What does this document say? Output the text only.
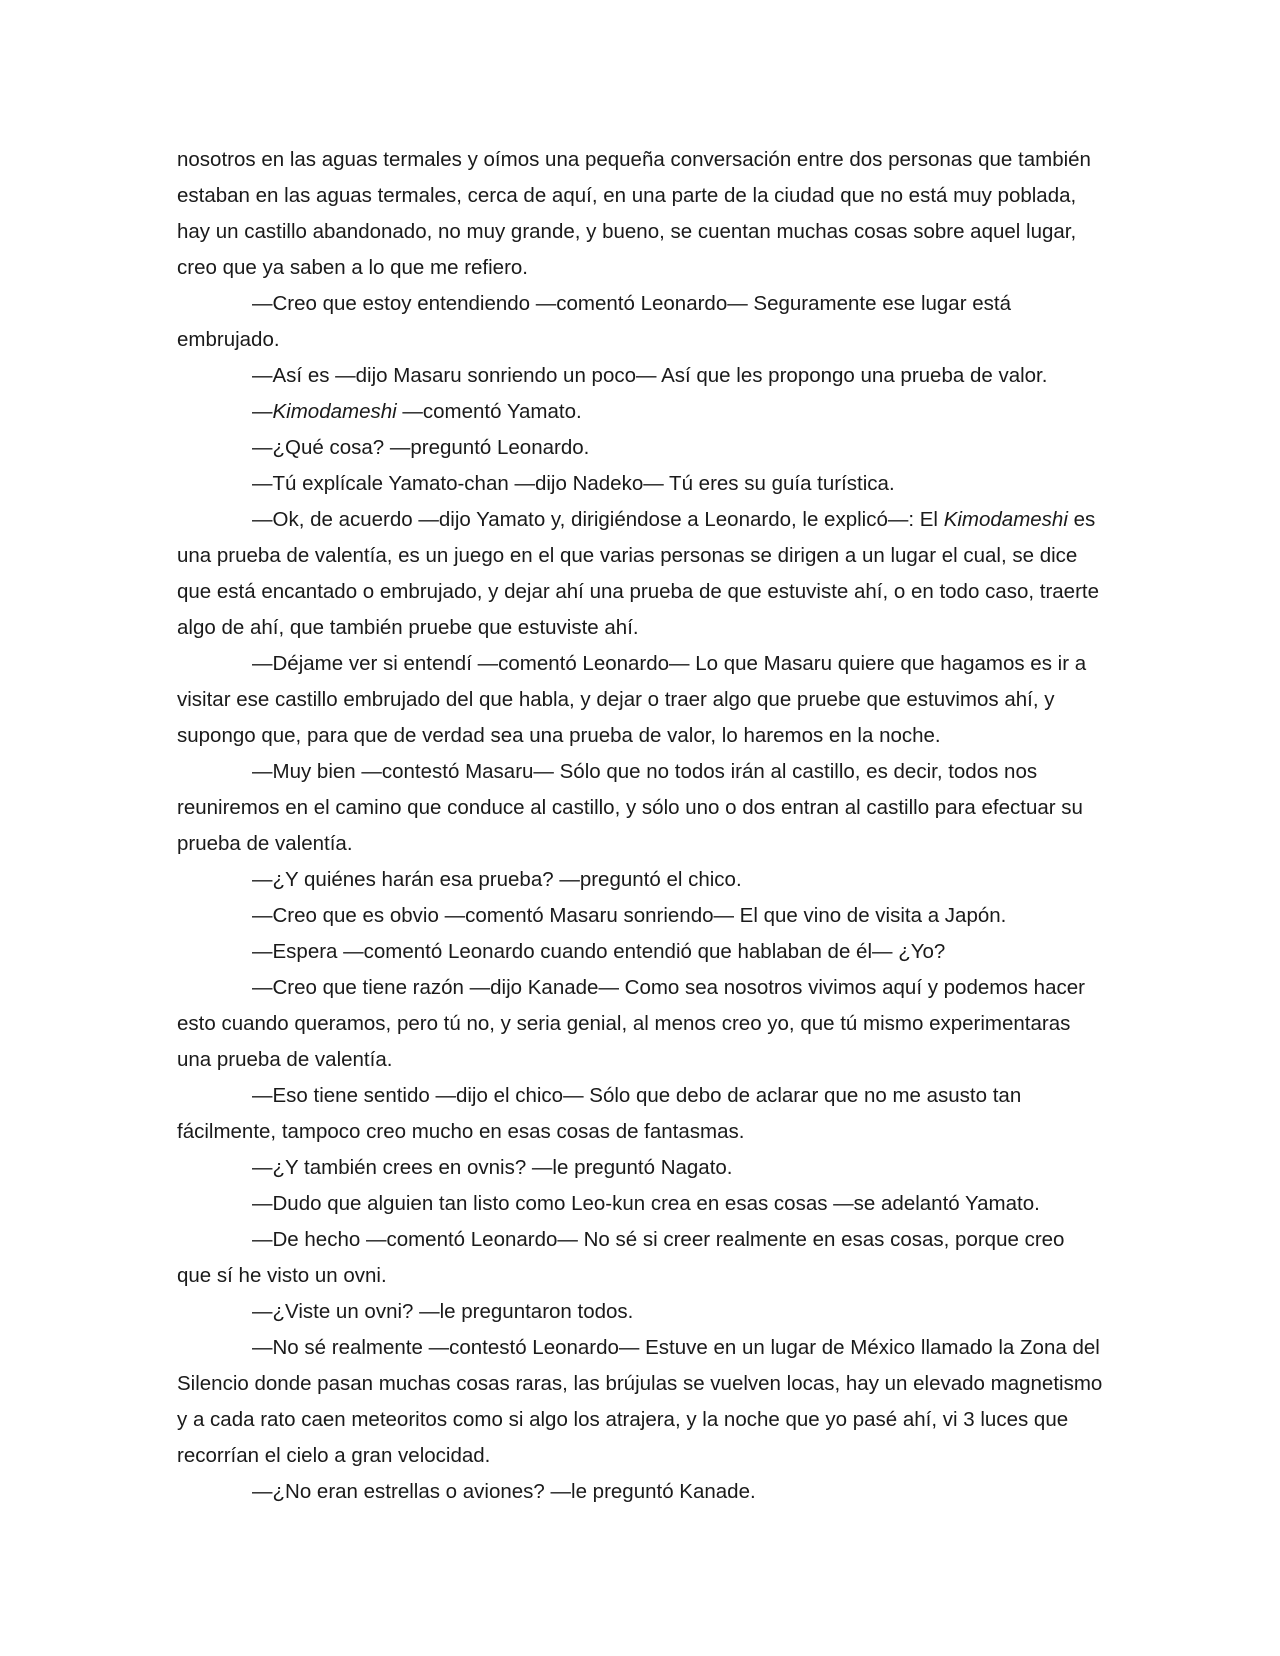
nosotros en las aguas termales y oímos una pequeña conversación entre dos personas que también estaban en las aguas termales, cerca de aquí, en una parte de la ciudad que no está muy poblada, hay un castillo abandonado, no muy grande, y bueno, se cuentan muchas cosas sobre aquel lugar, creo que ya saben a lo que me refiero.

—Creo que estoy entendiendo —comentó Leonardo— Seguramente ese lugar está embrujado.

—Así es —dijo Masaru sonriendo un poco— Así que les propongo una prueba de valor.

—Kimodameshi —comentó Yamato.

—¿Qué cosa? —preguntó Leonardo.

—Tú explícale Yamato-chan —dijo Nadeko— Tú eres su guía turística.

—Ok, de acuerdo —dijo Yamato y, dirigiéndose a Leonardo, le explicó—: El Kimodameshi es una prueba de valentía, es un juego en el que varias personas se dirigen a un lugar el cual, se dice que está encantado o embrujado, y dejar ahí una prueba de que estuviste ahí, o en todo caso, traerte algo de ahí, que también pruebe que estuviste ahí.

—Déjame ver si entendí —comentó Leonardo— Lo que Masaru quiere que hagamos es ir a visitar ese castillo embrujado del que habla, y dejar o traer algo que pruebe que estuvimos ahí, y supongo que, para que de verdad sea una prueba de valor, lo haremos en la noche.

—Muy bien —contestó Masaru— Sólo que no todos irán al castillo, es decir, todos nos reuniremos en el camino que conduce al castillo, y sólo uno o dos entran al castillo para efectuar su prueba de valentía.

—¿Y quiénes harán esa prueba? —preguntó el chico.

—Creo que es obvio —comentó Masaru sonriendo— El que vino de visita a Japón.

—Espera —comentó Leonardo cuando entendió que hablaban de él— ¿Yo?

—Creo que tiene razón —dijo Kanade— Como sea nosotros vivimos aquí y podemos hacer esto cuando queramos, pero tú no, y seria genial, al menos creo yo, que tú mismo experimentaras una prueba de valentía.

—Eso tiene sentido —dijo el chico— Sólo que debo de aclarar que no me asusto tan fácilmente, tampoco creo mucho en esas cosas de fantasmas.

—¿Y también crees en ovnis? —le preguntó Nagato.

—Dudo que alguien tan listo como Leo-kun crea en esas cosas —se adelantó Yamato.

—De hecho —comentó Leonardo— No sé si creer realmente en esas cosas, porque creo que sí he visto un ovni.

—¿Viste un ovni? —le preguntaron todos.

—No sé realmente —contestó Leonardo— Estuve en un lugar de México llamado la Zona del Silencio donde pasan muchas cosas raras, las brújulas se vuelven locas, hay un elevado magnetismo y a cada rato caen meteoritos como si algo los atrajera, y la noche que yo pasé ahí, vi 3 luces que recorrían el cielo a gran velocidad.

—¿No eran estrellas o aviones? —le preguntó Kanade.
